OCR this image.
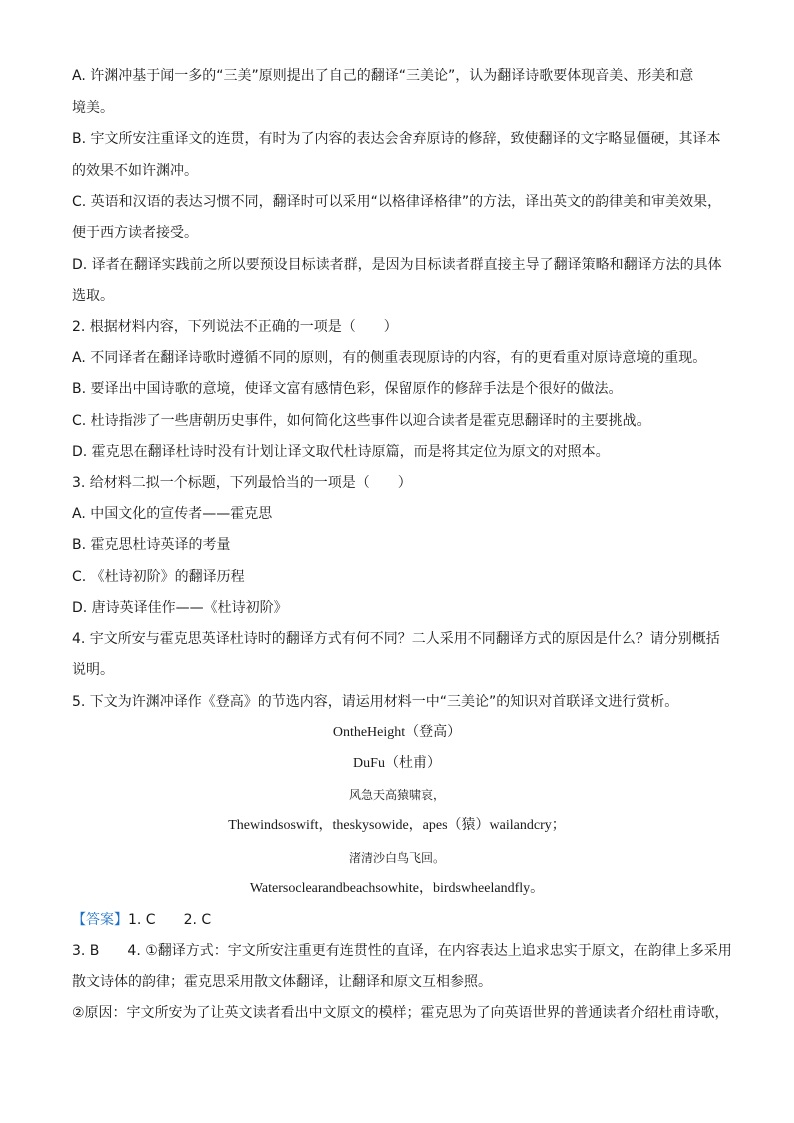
A. 许渊冲基于闻一多的“三美”原则提出了自己的翻译“三美论”，认为翻译诗歌要体现音美、形美和意
境美。
B. 宇文所安注重译文的连贯，有时为了内容的表达会舍弃原诗的修辞，致使翻译的文字略显僵硬，其译本
的效果不如许渊冲。
C. 英语和汉语的表达习惯不同，翻译时可以采用“以格律译格律”的方法，译出英文的韵律美和审美效果，
便于西方读者接受。
D. 译者在翻译实践前之所以要预设目标读者群，是因为目标读者群直接主导了翻译策略和翻译方法的具体
选取。
2. 根据材料内容，下列说法不正确的一项是（　　）
A. 不同译者在翻译诗歌时遵循不同的原则，有的侧重表现原诗的内容，有的更看重对原诗意境的重现。
B. 要译出中国诗歌的意境，使译文富有感情色彩，保留原作的修辞手法是个很好的做法。
C. 杜诗指涉了一些唐朝历史事件，如何简化这些事件以迎合读者是霍克思翻译时的主要挑战。
D. 霍克思在翻译杜诗时没有计划让译文取代杜诗原篇，而是将其定位为原文的对照本。
3. 给材料二拟一个标题，下列最恰当的一项是（　　）
A. 中国文化的宣传者——霍克思
B. 霍克思杜诗英译的考量
C. 《杜诗初阶》的翻译历程
D. 唐诗英译佳作——《杜诗初阶》
4. 宇文所安与霍克思英译杜诗时的翻译方式有何不同？二人采用不同翻译方式的原因是什么？请分别概括
说明。
5. 下文为许渊冲译作《登高》的节选内容，请运用材料一中“三美论”的知识对首联译文进行赏析。
OntheHeight（登高）
DuFu（杜甫）
风急天高猿啸哀，
Thewindsoswift，theskysowide，apes（猿）wailandcry；
渚清沙白鸟飞回。
Watersoclearandbeachsowhite，birdswheelandfly。
【答案】1. C 2. C
3. B 4. ①翻译方式：宇文所安注重更有连贯性的直译，在内容表达上追求忠实于原文，在韵律上多采用
散文诗体的韵律；霍克思采用散文体翻译，让翻译和原文互相参照。
②原因：宇文所安为了让英文读者看出中文原文的模样；霍克思为了向英语世界的普通读者介绍杜甫诗歌，
